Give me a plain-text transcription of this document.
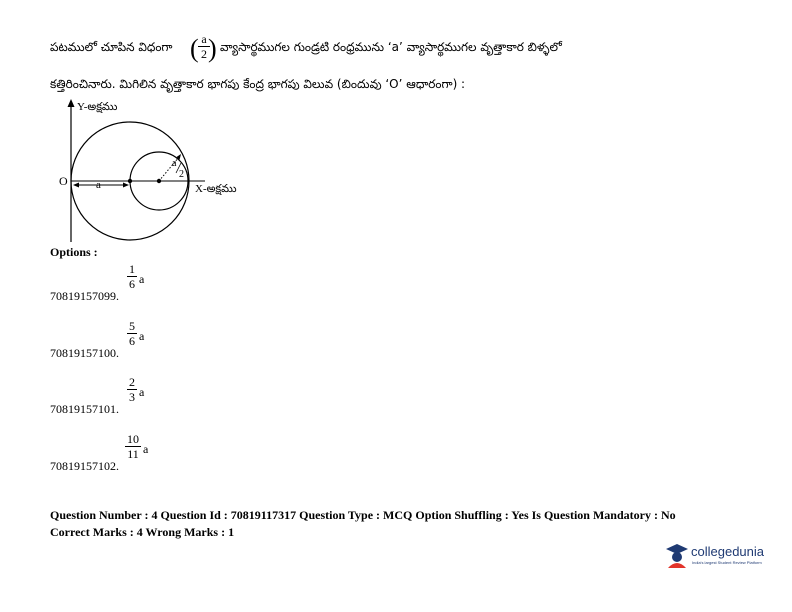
పటములో చూపిన విధంగా ( a
2 ) వ్యాసార్థముగల గుండ్రటి రంధ్రమును ‘a’ వ్యాసార్థముగల వృత్తాకార బిళ్ళలో
కత్తిరించినారు. మిగిలిన వృత్తాకార భాగపు కేంద్ర భాగపు విలువ (బిందువు ‘O’ ఆధారంగా) :
Y-అక్షము
X-అక్షము
O	a
a
2
Options :
70819157099.
1
6 a
70819157100.
5
6 a
70819157101.
2
3 a
70819157102.
10
11 a
Question Number : 4 Question Id : 70819117317 Question Type : MCQ Option Shuffling : Yes Is Question Mandatory : No
Correct Marks : 4 Wrong Marks : 1
collegedunia
India's largest Student Review Platform
